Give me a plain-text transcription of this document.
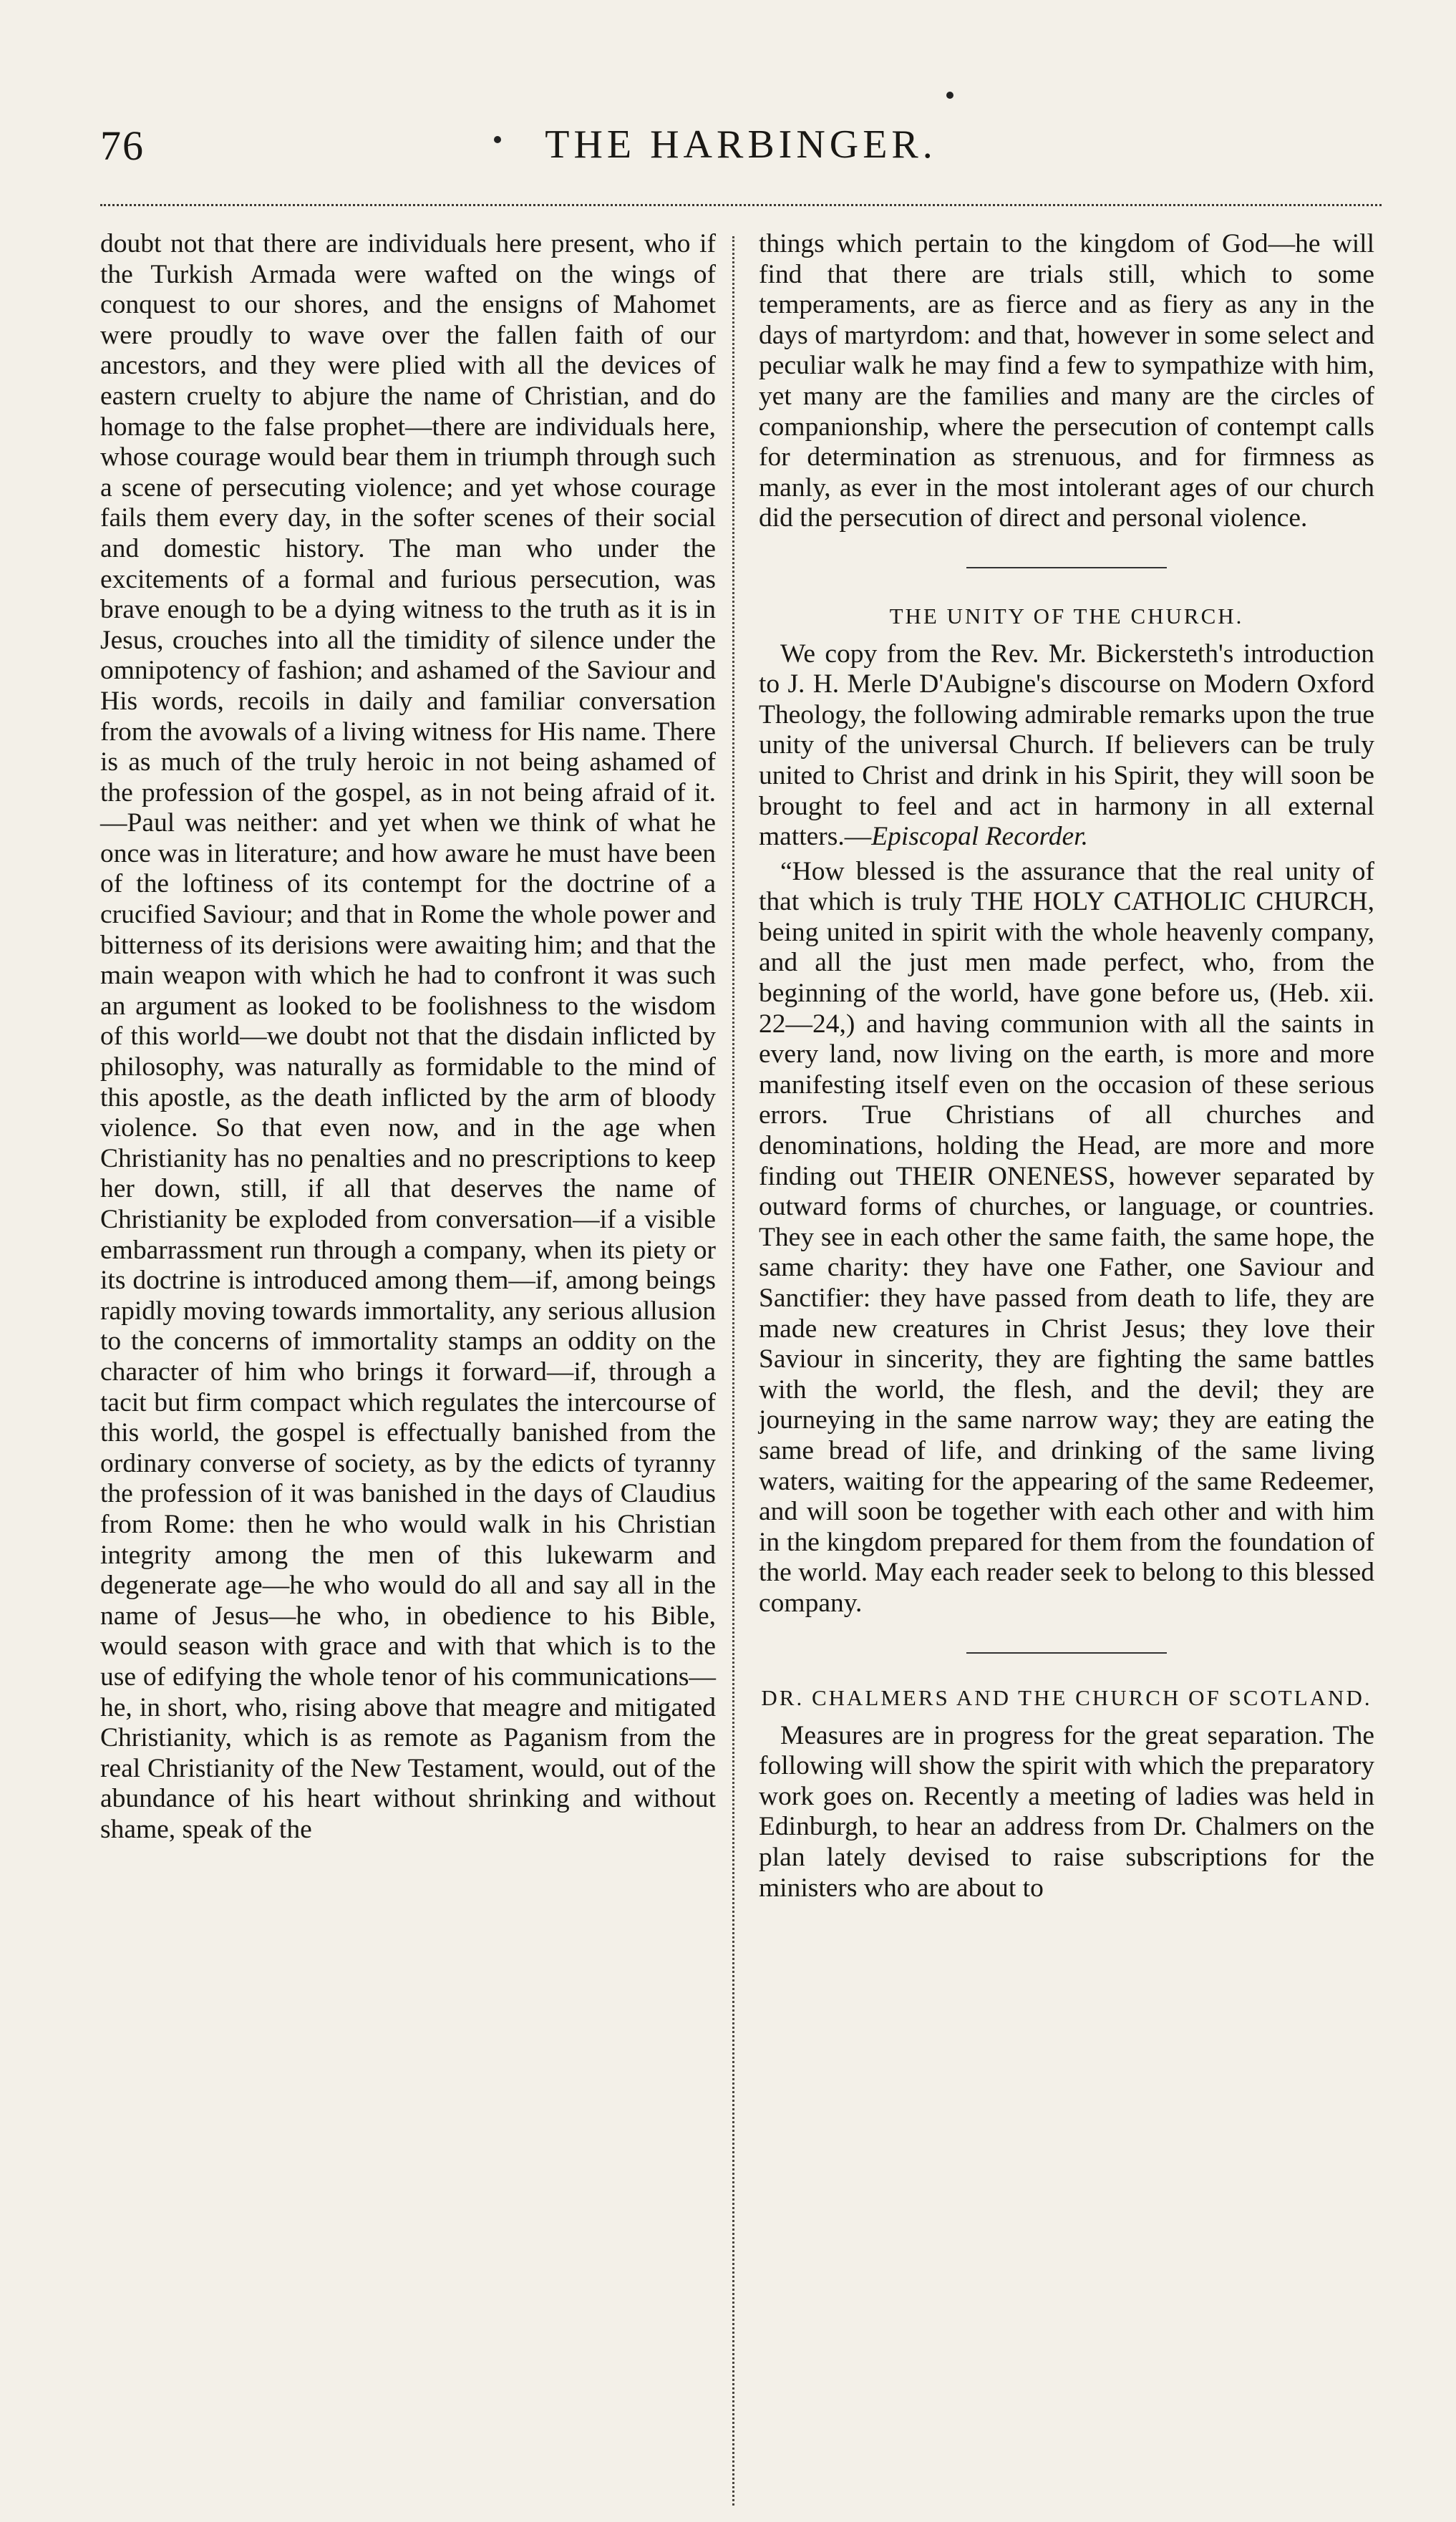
76	THE HARBINGER.

doubt not that there are individuals here present, who if the Turkish Armada were wafted on the wings of conquest to our shores, and the ensigns of Mahomet were proudly to wave over the fallen faith of our ancestors, and they were plied with all the devices of eastern cruelty to abjure the name of Christian, and do homage to the false prophet—there are individuals here, whose courage would bear them in triumph through such a scene of persecuting violence; and yet whose courage fails them every day, in the softer scenes of their social and domestic history. The man who under the excitements of a formal and furious persecution, was brave enough to be a dying witness to the truth as it is in Jesus, crouches into all the timidity of silence under the omnipotency of fashion; and ashamed of the Saviour and His words, recoils in daily and familiar conversation from the avowals of a living witness for His name. There is as much of the truly heroic in not being ashamed of the profession of the gospel, as in not being afraid of it.—Paul was neither: and yet when we think of what he once was in literature; and how aware he must have been of the loftiness of its contempt for the doctrine of a crucified Saviour; and that in Rome the whole power and bitterness of its derisions were awaiting him; and that the main weapon with which he had to confront it was such an argument as looked to be foolishness to the wisdom of this world—we doubt not that the disdain inflicted by philosophy, was naturally as formidable to the mind of this apostle, as the death inflicted by the arm of bloody violence. So that even now, and in the age when Christianity has no penalties and no prescriptions to keep her down, still, if all that deserves the name of Christianity be exploded from conversation—if a visible embarrassment run through a company, when its piety or its doctrine is introduced among them—if, among beings rapidly moving towards immortality, any serious allusion to the concerns of immortality stamps an oddity on the character of him who brings it forward—if, through a tacit but firm compact which regulates the intercourse of this world, the gospel is effectually banished from the ordinary converse of society, as by the edicts of tyranny the profession of it was banished in the days of Claudius from Rome: then he who would walk in his Christian integrity among the men of this lukewarm and degenerate age—he who would do all and say all in the name of Jesus—he who, in obedience to his Bible, would season with grace and with that which is to the use of edifying the whole tenor of his communications—he, in short, who, rising above that meagre and mitigated Christianity, which is as remote as Paganism from the real Christianity of the New Testament, would, out of the abundance of his heart without shrinking and without shame, speak of the

things which pertain to the kingdom of God—he will find that there are trials still, which to some temperaments, are as fierce and as fiery as any in the days of martyrdom: and that, however in some select and peculiar walk he may find a few to sympathize with him, yet many are the families and many are the circles of companionship, where the persecution of contempt calls for determination as strenuous, and for firmness as manly, as ever in the most intolerant ages of our church did the persecution of direct and personal violence.

THE UNITY OF THE CHURCH.

We copy from the Rev. Mr. Bickersteth's introduction to J. H. Merle D'Aubigne's discourse on Modern Oxford Theology, the following admirable remarks upon the true unity of the universal Church. If believers can be truly united to Christ and drink in his Spirit, they will soon be brought to feel and act in harmony in all external matters.—Episcopal Recorder.

“How blessed is the assurance that the real unity of that which is truly THE HOLY CATHOLIC CHURCH, being united in spirit with the whole heavenly company, and all the just men made perfect, who, from the beginning of the world, have gone before us, (Heb. xii. 22—24,) and having communion with all the saints in every land, now living on the earth, is more and more manifesting itself even on the occasion of these serious errors. True Christians of all churches and denominations, holding the Head, are more and more finding out THEIR ONENESS, however separated by outward forms of churches, or language, or countries. They see in each other the same faith, the same hope, the same charity: they have one Father, one Saviour and Sanctifier: they have passed from death to life, they are made new creatures in Christ Jesus; they love their Saviour in sincerity, they are fighting the same battles with the world, the flesh, and the devil; they are journeying in the same narrow way; they are eating the same bread of life, and drinking of the same living waters, waiting for the appearing of the same Redeemer, and will soon be together with each other and with him in the kingdom prepared for them from the foundation of the world. May each reader seek to belong to this blessed company.

DR. CHALMERS AND THE CHURCH OF SCOTLAND.

Measures are in progress for the great separation. The following will show the spirit with which the preparatory work goes on. Recently a meeting of ladies was held in Edinburgh, to hear an address from Dr. Chalmers on the plan lately devised to raise subscriptions for the ministers who are about to
